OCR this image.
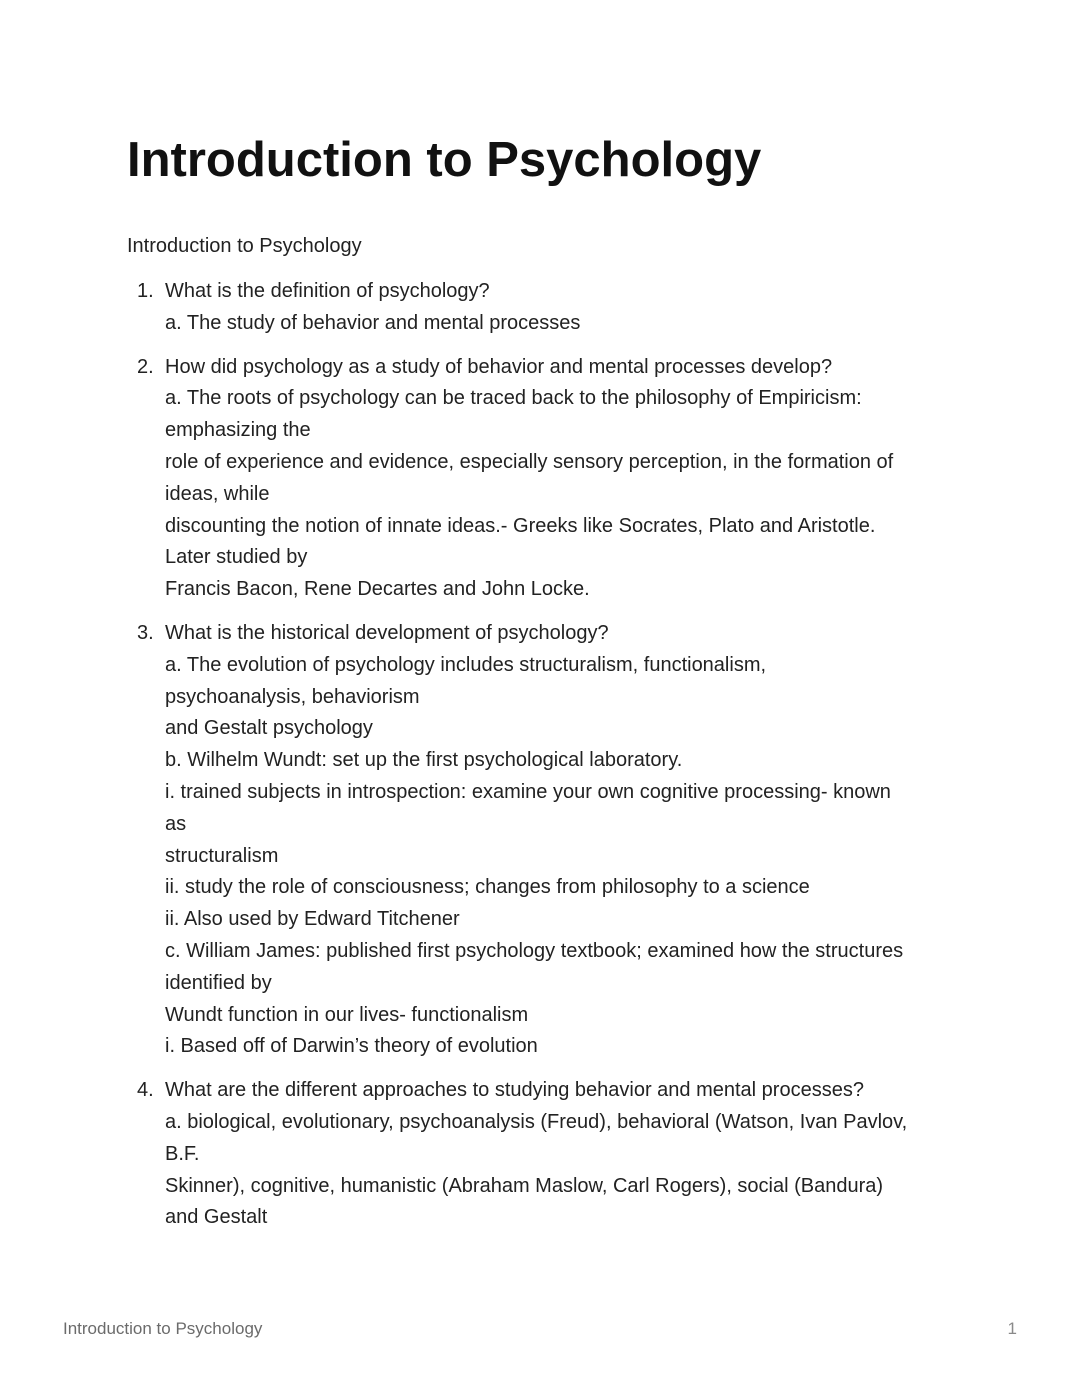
Introduction to Psychology

Introduction to Psychology

1. What is the definition of psychology?
a. The study of behavior and mental processes
2. How did psychology as a study of behavior and mental processes develop?
a. The roots of psychology can be traced back to the philosophy of Empiricism:
emphasizing the
role of experience and evidence, especially sensory perception, in the formation of
ideas, while
discounting the notion of innate ideas.- Greeks like Socrates, Plato and Aristotle.
Later studied by
Francis Bacon, Rene Decartes and John Locke.
3. What is the historical development of psychology?
a. The evolution of psychology includes structuralism, functionalism,
psychoanalysis, behaviorism
and Gestalt psychology
b. Wilhelm Wundt: set up the first psychological laboratory.
i. trained subjects in introspection: examine your own cognitive processing- known
as
structuralism
ii. study the role of consciousness; changes from philosophy to a science
ii. Also used by Edward Titchener
c. William James: published first psychology textbook; examined how the structures
identified by
Wundt function in our lives- functionalism
i. Based off of Darwin’s theory of evolution
4. What are the different approaches to studying behavior and mental processes?
a. biological, evolutionary, psychoanalysis (Freud), behavioral (Watson, Ivan Pavlov,
B.F.
Skinner), cognitive, humanistic (Abraham Maslow, Carl Rogers), social (Bandura)
and Gestalt

Introduction to Psychology	1
